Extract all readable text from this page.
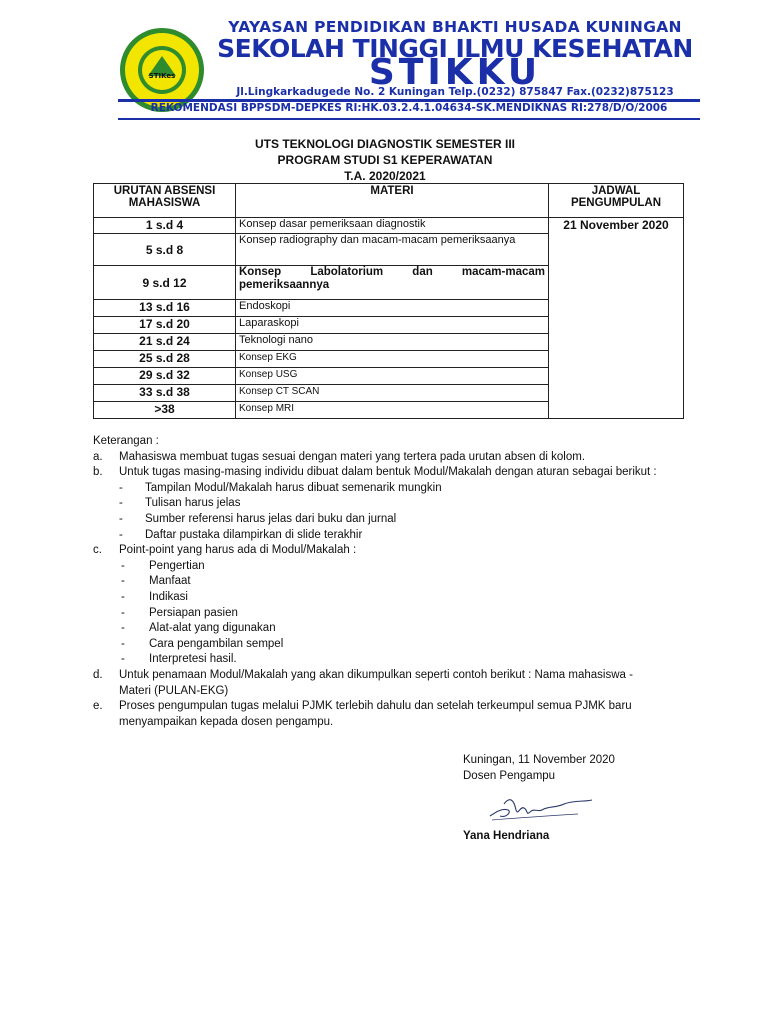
STIKes
YAYASAN PENDIDIKAN BHAKTI HUSADA KUNINGAN
SEKOLAH TINGGI ILMU KESEHATAN
STIKKU
Jl.Lingkarkadugede No. 2 Kuningan Telp.(0232) 875847 Fax.(0232)875123
REKOMENDASI BPPSDM-DEPKES RI:HK.03.2.4.1.04634-SK.MENDIKNAS RI:278/D/O/2006
UTS TEKNOLOGI DIAGNOSTIK SEMESTER III
PROGRAM STUDI S1 KEPERAWATAN
T.A. 2020/2021
URUTAN ABSENSI MAHASISWA	MATERI	JADWAL PENGUMPULAN
1 s.d 4	Konsep dasar pemeriksaan diagnostik	21 November 2020
5 s.d 8	Konsep radiography dan macam-macam pemeriksaanya	
9 s.d 12	Konsep Labolatorium dan macam-macam pemeriksaannya	
13 s.d 16	Endoskopi	
17 s.d 20	Laparaskopi	
21 s.d 24	Teknologi nano	
25 s.d 28	Konsep EKG	
29 s.d 32	Konsep USG	
33 s.d 38	Konsep CT SCAN	
>38	Konsep MRI	
Keterangan :
a.	Mahasiswa membuat tugas sesuai dengan materi yang tertera pada urutan absen di kolom.
b.	Untuk tugas masing-masing individu dibuat dalam bentuk Modul/Makalah dengan aturan sebagai berikut :
-	Tampilan Modul/Makalah harus dibuat semenarik mungkin
-	Tulisan harus jelas
-	Sumber referensi harus jelas dari buku dan jurnal
-	Daftar pustaka dilampirkan di slide terakhir
c.	Point-point yang harus ada di Modul/Makalah :
-	Pengertian
-	Manfaat
-	Indikasi
-	Persiapan pasien
-	Alat-alat yang digunakan
-	Cara pengambilan sempel
-	Interpretesi hasil.
d.	Untuk penamaan Modul/Makalah yang akan dikumpulkan seperti contoh berikut : Nama mahasiswa -
Materi (PULAN-EKG)
e.	Proses pengumpulan tugas melalui PJMK terlebih dahulu dan setelah terkeumpul semua PJMK baru
menyampaikan kepada dosen pengampu.
Kuningan, 11 November 2020
Dosen Pengampu
Yana Hendriana
